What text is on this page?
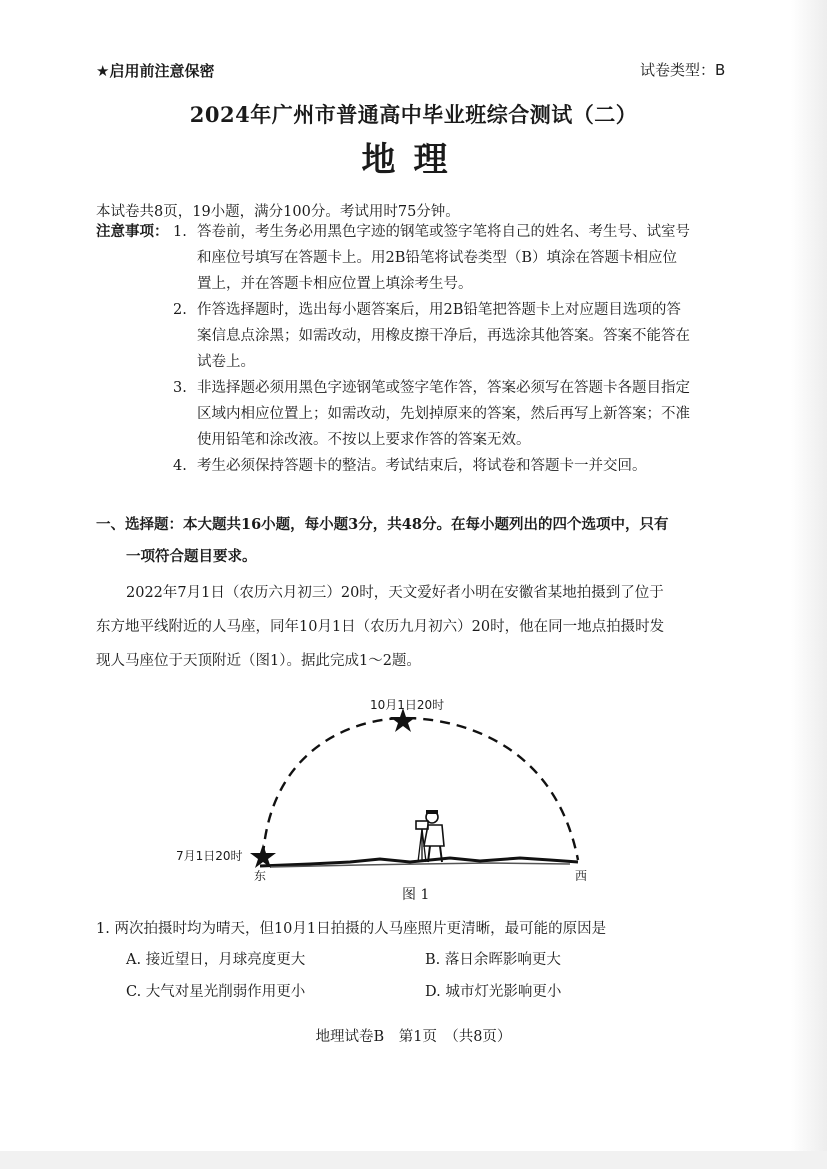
★启用前注意保密	试卷类型：B
2024年广州市普通高中毕业班综合测试（二）
地理
本试卷共8页，19小题，满分100分。考试用时75分钟。
注意事项： 1. 答卷前，考生务必用黑色字迹的钢笔或签字笔将自己的姓名、考生号、试室号
和座位号填写在答题卡上。用2B铅笔将试卷类型（B）填涂在答题卡相应位
置上，并在答题卡相应位置上填涂考生号。
2. 作答选择题时，选出每小题答案后，用2B铅笔把答题卡上对应题目选项的答
案信息点涂黑；如需改动，用橡皮擦干净后，再选涂其他答案。答案不能答在
试卷上。
3. 非选择题必须用黑色字迹钢笔或签字笔作答，答案必须写在答题卡各题目指定
区域内相应位置上；如需改动，先划掉原来的答案，然后再写上新答案；不准
使用铅笔和涂改液。不按以上要求作答的答案无效。
4. 考生必须保持答题卡的整洁。考试结束后，将试卷和答题卡一并交回。
一、选择题：本大题共16小题，每小题3分，共48分。在每小题列出的四个选项中，只有
一项符合题目要求。
2022年7月1日（农历六月初三）20时，天文爱好者小明在安徽省某地拍摄到了位于
东方地平线附近的人马座，同年10月1日（农历九月初六）20时，他在同一地点拍摄时发
现人马座位于天顶附近（图1）。据此完成1～2题。
10月1日20时
7月1日20时
东	西
图 1
1. 两次拍摄时均为晴天，但10月1日拍摄的人马座照片更清晰，最可能的原因是
A. 接近望日，月球亮度更大	B. 落日余晖影响更大
C. 大气对星光削弱作用更小	D. 城市灯光影响更小
地理试卷B　第1页　（共8页）
